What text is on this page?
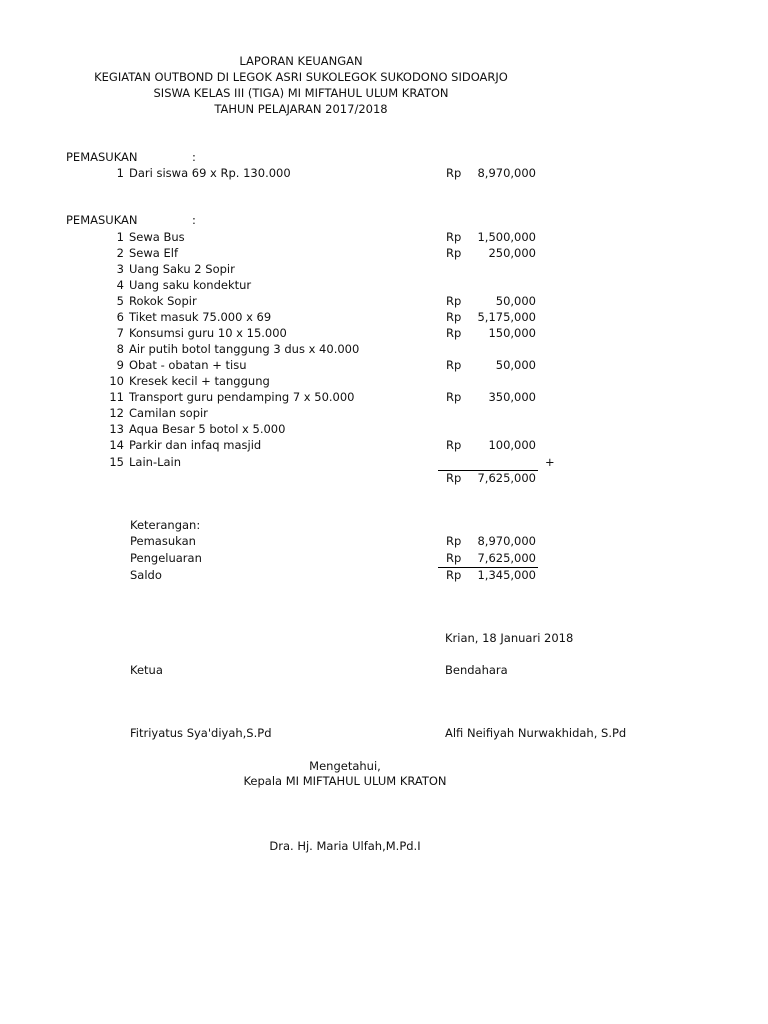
LAPORAN KEUANGAN
KEGIATAN OUTBOND DI LEGOK ASRI SUKOLEGOK SUKODONO SIDOARJO
SISWA KELAS III (TIGA) MI MIFTAHUL ULUM KRATON
TAHUN PELAJARAN 2017/2018
PEMASUKAN	:
1 Dari siswa 69 x Rp. 130.000	Rp	8,970,000
PEMASUKAN	:
1 Sewa Bus	Rp	1,500,000
2 Sewa Elf	Rp	250,000
3 Uang Saku 2 Sopir
4 Uang saku kondektur
5 Rokok Sopir	Rp	50,000
6 Tiket masuk 75.000 x 69	Rp	5,175,000
7 Konsumsi guru 10 x 15.000	Rp	150,000
8 Air putih botol tanggung 3 dus x 40.000
9 Obat - obatan + tisu	Rp	50,000
10 Kresek kecil + tanggung
11 Transport guru pendamping 7 x 50.000	Rp	350,000
12 Camilan sopir
13 Aqua Besar 5 botol x 5.000
14 Parkir dan infaq masjid	Rp	100,000
15 Lain-Lain	+
Rp	7,625,000
Keterangan:
Pemasukan	Rp	8,970,000
Pengeluaran	Rp	7,625,000
Saldo	Rp	1,345,000
Krian, 18 Januari 2018
Ketua	Bendahara
Fitriyatus Sya'diyah,S.Pd	Alfi Neifiyah Nurwakhidah, S.Pd
Mengetahui,
Kepala MI MIFTAHUL ULUM KRATON
Dra. Hj. Maria Ulfah,M.Pd.I
